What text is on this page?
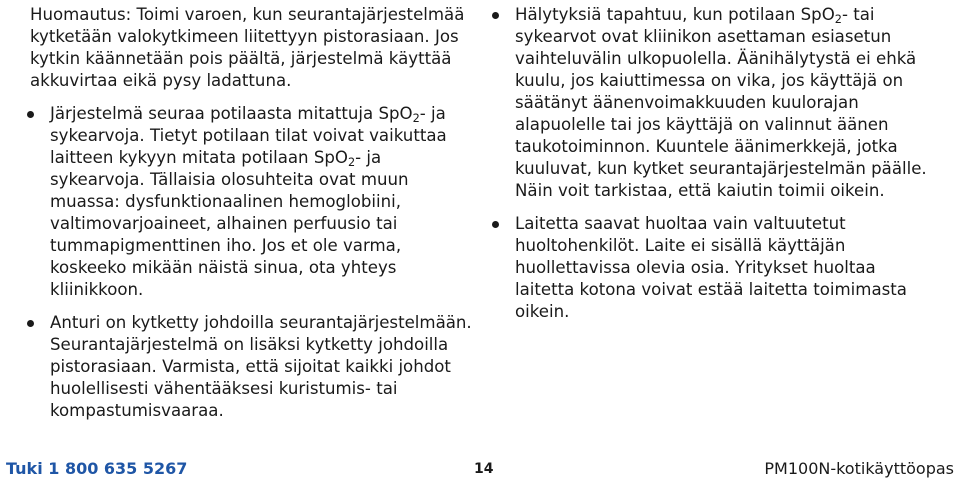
Huomautus: Toimi varoen, kun seurantajärjestelmää kytketään valokytkimeen liitettyyn pistorasiaan. Jos kytkin käännetään pois päältä, järjestelmä käyttää akkuvirtaa eikä pysy ladattuna.

Järjestelmä seuraa potilaasta mitattuja SpO$_2$- ja sykearvoja. Tietyt potilaan tilat voivat vaikuttaa laitteen kykyyn mitata potilaan SpO$_2$- ja sykearvoja. Tällaisia olosuhteita ovat muun muassa: dysfunktionaalinen hemoglobiini, valtimovarjoaineet, alhainen perfuusio tai tummapigmenttinen iho. Jos et ole varma, koskeeko mikään näistä sinua, ota yhteys kliinikkoon.
Anturi on kytketty johdoilla seurantajärjestelmään. Seurantajärjestelmä on lisäksi kytketty johdoilla pistorasiaan. Varmista, että sijoitat kaikki johdot huolellisesti vähentääksesi kuristumis- tai kompastumisvaaraa.
Hälytyksiä tapahtuu, kun potilaan SpO$_2$- tai sykearvot ovat kliinikon asettaman esiasetun vaihteluvälin ulkopuolella. Äänihälytystä ei ehkä kuulu, jos kaiuttimessa on vika, jos käyttäjä on säätänyt äänenvoimakkuuden kuulorajan alapuolelle tai jos käyttäjä on valinnut äänen taukotoiminnon. Kuuntele äänimerkkejä, jotka kuuluvat, kun kytket seurantajärjestelmän päälle. Näin voit tarkistaa, että kaiutin toimii oikein.
Laitetta saavat huoltaa vain valtuutetut huoltohenkilöt. Laite ei sisällä käyttäjän huollettavissa olevia osia. Yritykset huoltaa laitetta kotona voivat estää laitetta toimimasta oikein.
Tuki 1 800 635 5267	14	PM100N-kotikäyttöopas
